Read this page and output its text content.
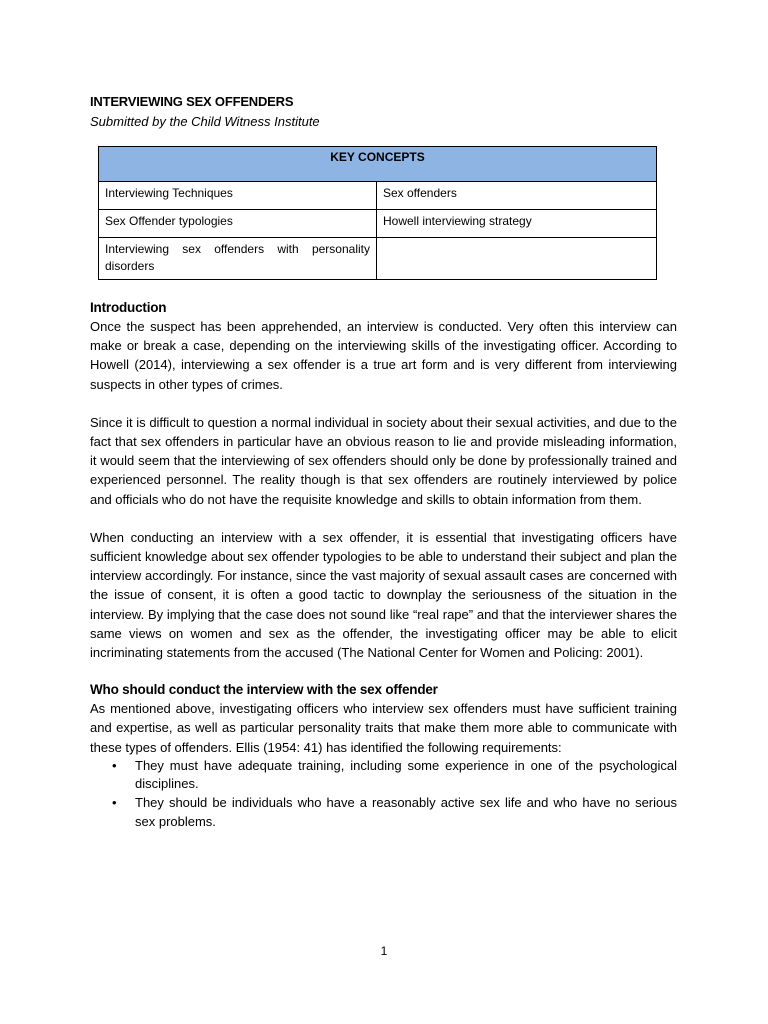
INTERVIEWING SEX OFFENDERS

Submitted by the Child Witness Institute

KEY CONCEPTS	
Interviewing Techniques	Sex offenders
Sex Offender typologies	Howell interviewing strategy
Interviewing sex offenders with personality disorders	
Introduction

Once the suspect has been apprehended, an interview is conducted. Very often this interview can make or break a case, depending on the interviewing skills of the investigating officer. According to Howell (2014), interviewing a sex offender is a true art form and is very different from interviewing suspects in other types of crimes.

Since it is difficult to question a normal individual in society about their sexual activities, and due to the fact that sex offenders in particular have an obvious reason to lie and provide misleading information, it would seem that the interviewing of sex offenders should only be done by professionally trained and experienced personnel. The reality though is that sex offenders are routinely interviewed by police and officials who do not have the requisite knowledge and skills to obtain information from them.

When conducting an interview with a sex offender, it is essential that investigating officers have sufficient knowledge about sex offender typologies to be able to understand their subject and plan the interview accordingly. For instance, since the vast majority of sexual assault cases are concerned with the issue of consent, it is often a good tactic to downplay the seriousness of the situation in the interview. By implying that the case does not sound like “real rape” and that the interviewer shares the same views on women and sex as the offender, the investigating officer may be able to elicit incriminating statements from the accused (The National Center for Women and Policing: 2001).

Who should conduct the interview with the sex offender

As mentioned above, investigating officers who interview sex offenders must have sufficient training and expertise, as well as particular personality traits that make them more able to communicate with these types of offenders. Ellis (1954: 41) has identified the following requirements:

• They must have adequate training, including some experience in one of the psychological disciplines.
• They should be individuals who have a reasonably active sex life and who have no serious sex problems.
1
